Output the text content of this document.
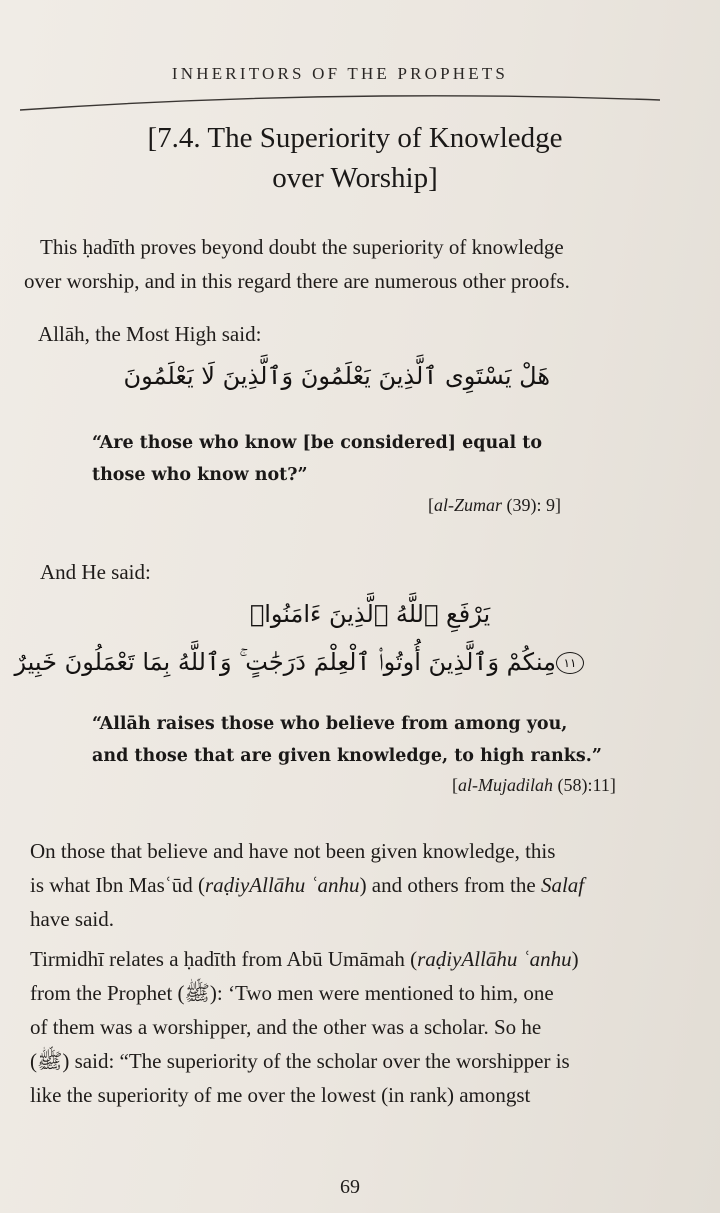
INHERITORS OF THE PROPHETS
[7.4. The Superiority of Knowledge
over Worship]
This ḥadīth proves beyond doubt the superiority of knowledge
over worship, and in this regard there are numerous other proofs.
Allāh, the Most High said:
هَلْ يَسْتَوِى ٱلَّذِينَ يَعْلَمُونَ وَٱلَّذِينَ لَا يَعْلَمُونَ
“Are those who know [be considered] equal to
those who know not?”
[al-Zumar (39): 9]
And He said:
يَرْفَعِ ٱللَّهُ ٱلَّذِينَ ءَامَنُوا۟
١١مِنكُمْ وَٱلَّذِينَ أُوتُوا۟ ٱلْعِلْمَ دَرَجَٰتٍ ۚ وَٱللَّهُ بِمَا تَعْمَلُونَ خَبِيرٌ
“Allāh raises those who believe from among you,
and those that are given knowledge, to high ranks.”
[al-Mujadilah (58):11]
On those that believe and have not been given knowledge, this
is what Ibn Masʿūd (raḍiyAllāhu ʿanhu) and others from the Salaf
have said.
Tirmidhī relates a ḥadīth from Abū Umāmah (raḍiyAllāhu ʿanhu)
from the Prophet (ﷺ): ‘Two men were mentioned to him, one
of them was a worshipper, and the other was a scholar. So he
(ﷺ) said: “The superiority of the scholar over the worshipper is
like the superiority of me over the lowest (in rank) amongst
69
